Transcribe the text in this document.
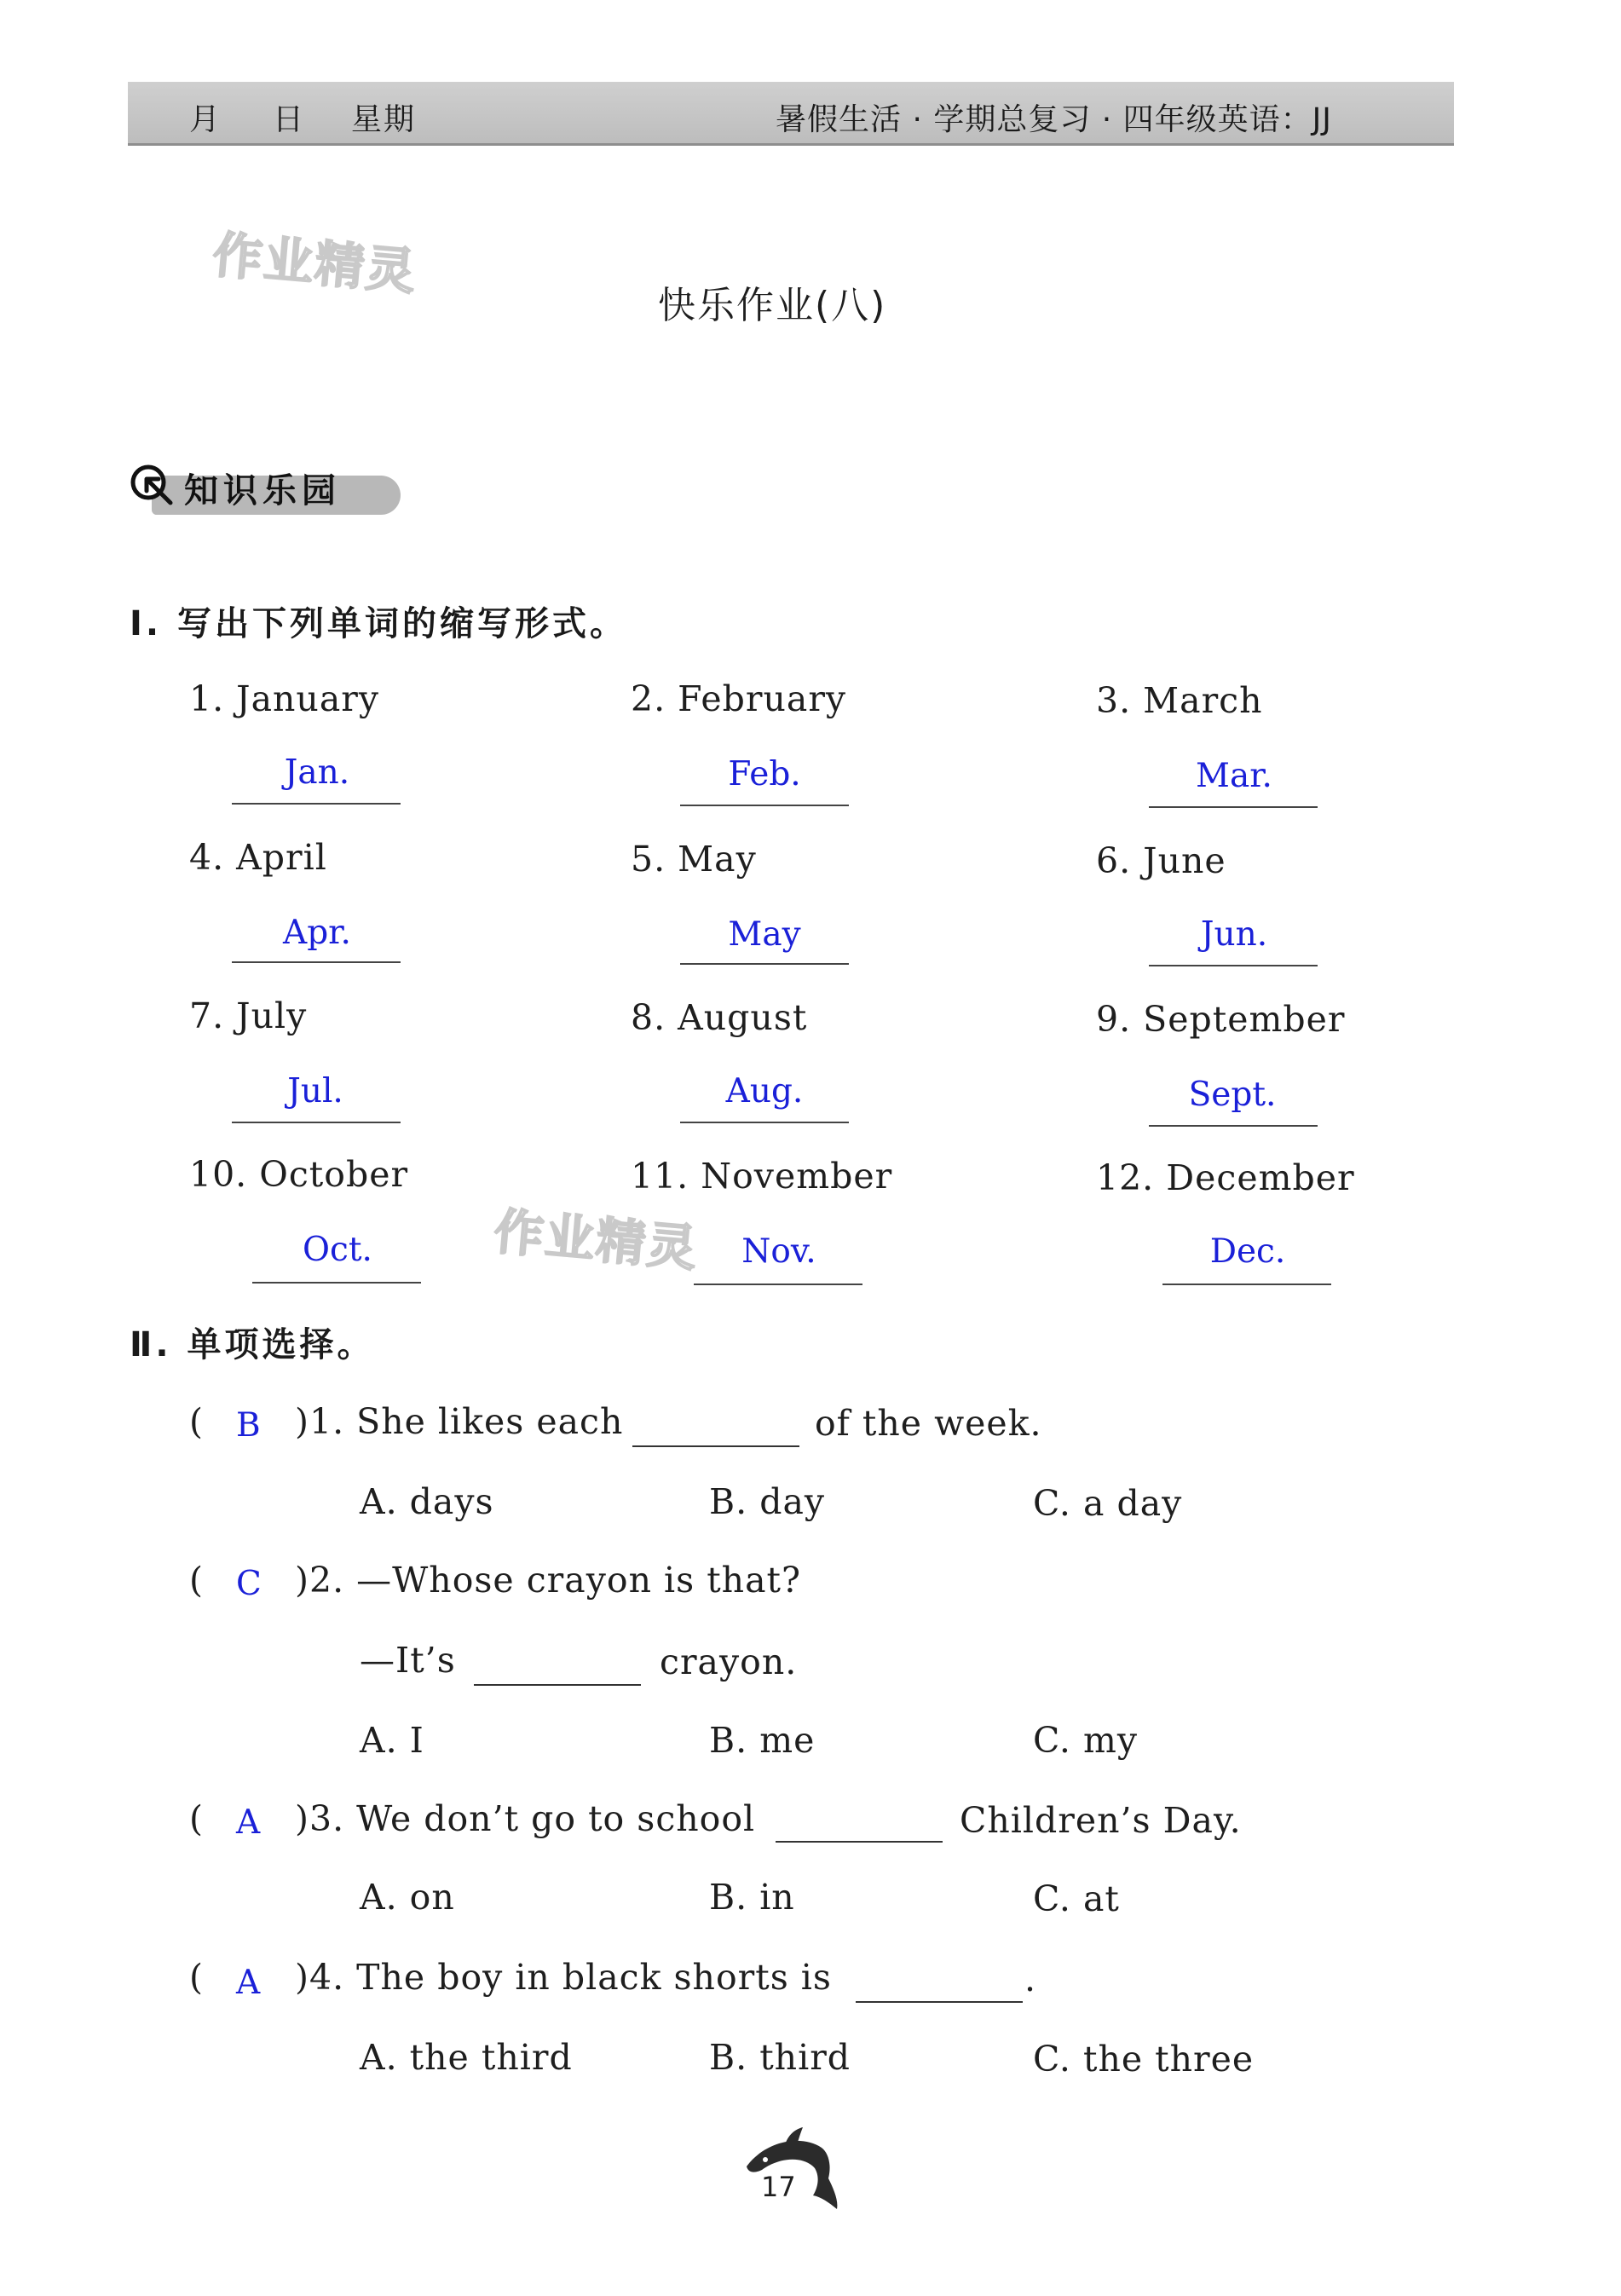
月 日 星期	暑假生活 · 学期总复习 · 四年级英语：JJ
作业精灵
作业精灵
快乐作业(八)
知识乐园
Ⅰ. 写出下列单词的缩写形式。
1. January	2. February	3. March
Jan.	Feb.	Mar.
4. April	5. May	6. June
Apr.	May	Jun.
7. July	8. August	9. September
Jul.	Aug.	Sept.
10. October	11. November	12. December
Oct.	Nov.	Dec.
Ⅱ. 单项选择。
( B )1. She likes each	of the week.
A. days	B. day	C. a day
( C )2. —Whose crayon is that?
—It’s	crayon.
A. I	B. me	C. my
( A )3. We don’t go to school	Children’s Day.
A. on	B. in	C. at
( A )4. The boy in black shorts is	.
A. the third	B. third	C. the three
17
